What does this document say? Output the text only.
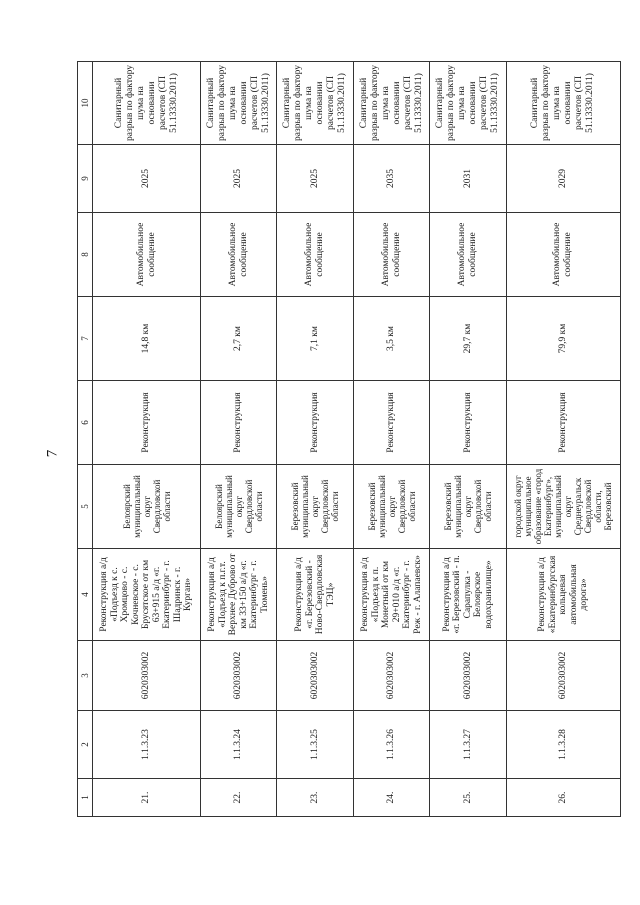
7
1	2	3	4	5	6	7	8	9	10
21.	1.1.3.23	6020303002	Реконструкция а/д «Подъезд к с. Хромцово - с. Кочневское - с. Брусятское от км 63+915 а/д «г. Екатеринбург - г. Шадринск - г. Курган»	Белоярский муниципальный округ Свердловской области	Реконструкция	14,8 км	Автомобильное сообщение	2025	Санитарный разрыв по фактору шума на основании расчетов (СП 51.13330.2011)
22.	1.1.3.24	6020303002	Реконструкция а/д «Подъезд к п.г.т. Верхнее Дуброво от км 33+150 а/д «г. Екатеринбург - г. Тюмень»	Белоярский муниципальный округ Свердловской области	Реконструкция	2,7 км	Автомобильное сообщение	2025	Санитарный разрыв по фактору шума на основании расчетов (СП 51.13330.2011)
23.	1.1.3.25	6020303002	Реконструкция а/д «г. Березовский - Ново-Свердловская ТЭЦ»	Березовский муниципальный округ Свердловской области	Реконструкция	7,1 км	Автомобильное сообщение	2025	Санитарный разрыв по фактору шума на основании расчетов (СП 51.13330.2011)
24.	1.1.3.26	6020303002	Реконструкция а/д «Подъезд к п. Монетный от км 29+010 а/д «г. Екатеринбург - г. Реж - г. Алапаевск»	Березовский муниципальный округ Свердловской области	Реконструкция	3,5 км	Автомобильное сообщение	2035	Санитарный разрыв по фактору шума на основании расчетов (СП 51.13330.2011)
25.	1.1.3.27	6020303002	Реконструкция а/д «г. Березовский - п. Сарапулка - Белоярское водохранилище»	Березовский муниципальный округ Свердловской области	Реконструкция	29,7 км	Автомобильное сообщение	2031	Санитарный разрыв по фактору шума на основании расчетов (СП 51.13330.2011)
26.	1.1.3.28	6020303002	Реконструкция а/д «Екатеринбургская кольцевая автомобильная дорога»	городской округ муниципальное образование «город Екатеринбург», муниципальный округ Среднеуральск Свердловской области, Березовский	Реконструкция	79,9 км	Автомобильное сообщение	2029	Санитарный разрыв по фактору шума на основании расчетов (СП 51.13330.2011)
